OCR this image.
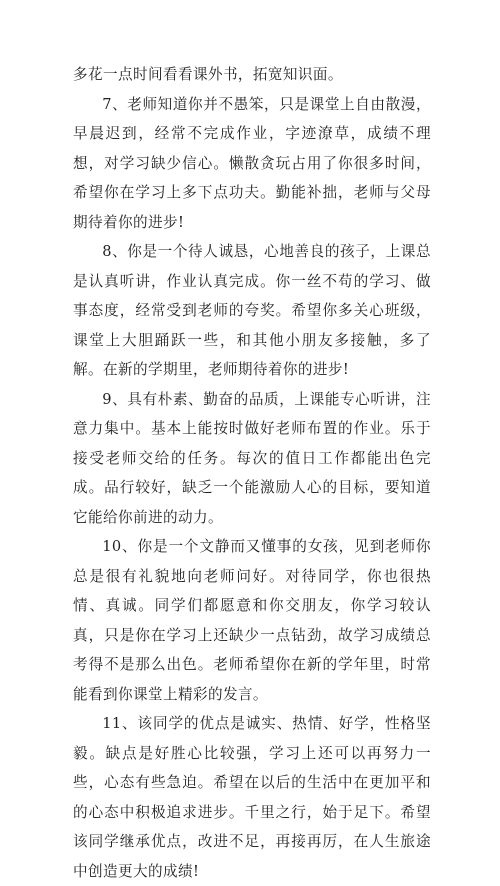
多花一点时间看看课外书，拓宽知识面。

7、老师知道你并不愚笨，只是课堂上自由散漫，早晨迟到，经常不完成作业，字迹潦草，成绩不理想，对学习缺少信心。懒散贪玩占用了你很多时间，希望你在学习上多下点功夫。勤能补拙，老师与父母期待着你的进步!

8、你是一个待人诚恳，心地善良的孩子，上课总是认真听讲，作业认真完成。你一丝不苟的学习、做事态度，经常受到老师的夸奖。希望你多关心班级，课堂上大胆踊跃一些，和其他小朋友多接触，多了解。在新的学期里，老师期待着你的进步!

9、具有朴素、勤奋的品质，上课能专心听讲，注意力集中。基本上能按时做好老师布置的作业。乐于接受老师交给的任务。每次的值日工作都能出色完成。品行较好，缺乏一个能激励人心的目标，要知道它能给你前进的动力。

10、你是一个文静而又懂事的女孩，见到老师你总是很有礼貌地向老师问好。对待同学，你也很热情、真诚。同学们都愿意和你交朋友，你学习较认真，只是你在学习上还缺少一点钻劲，故学习成绩总考得不是那么出色。老师希望你在新的学年里，时常能看到你课堂上精彩的发言。

11、该同学的优点是诚实、热情、好学，性格坚毅。缺点是好胜心比较强，学习上还可以再努力一些，心态有些急迫。希望在以后的生活中在更加平和的心态中积极追求进步。千里之行，始于足下。希望该同学继承优点，改进不足，再接再厉，在人生旅途中创造更大的成绩!
